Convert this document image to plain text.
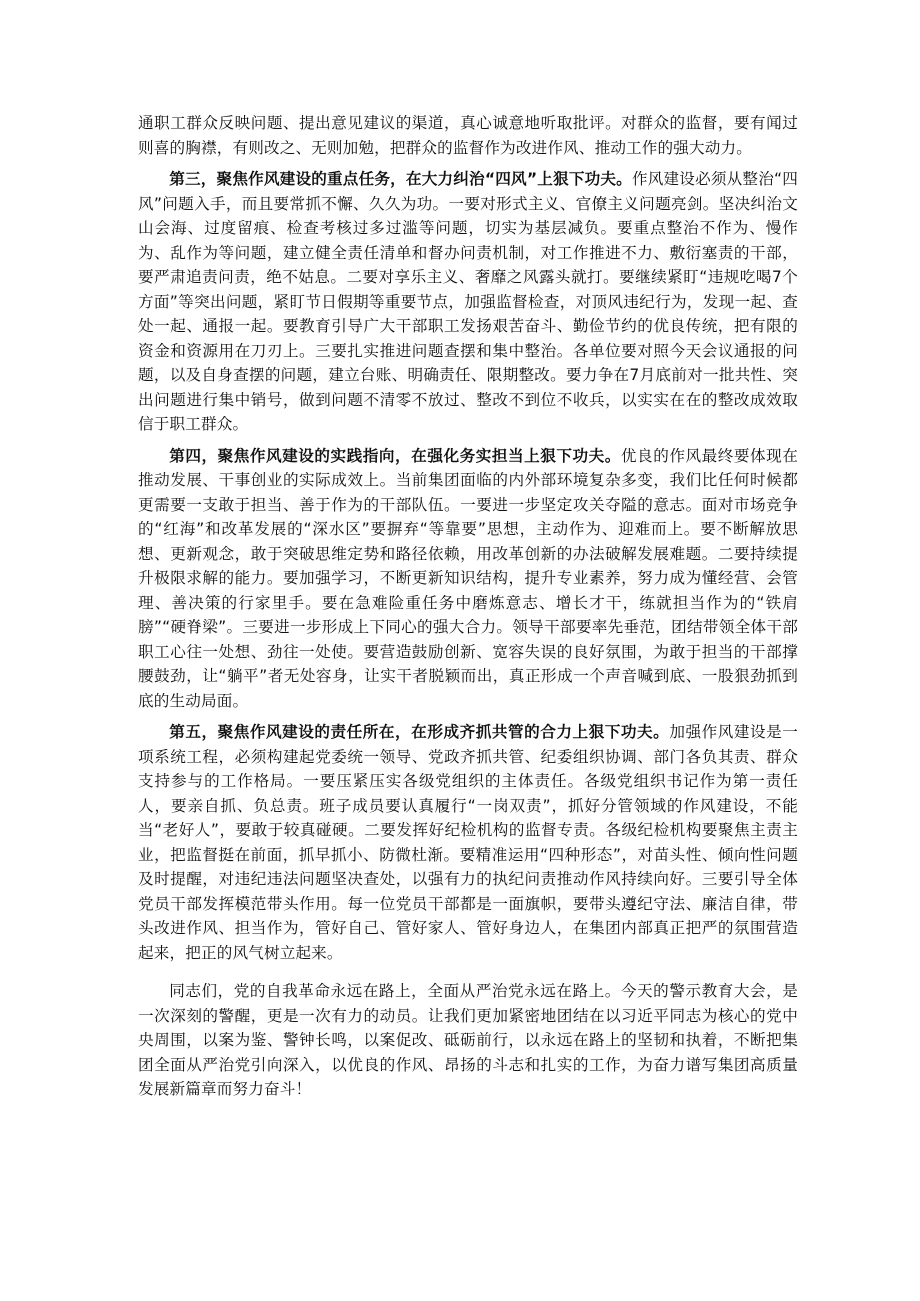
通职工群众反映问题、提出意见建议的渠道，真心诚意地听取批评。对群众的监督，要有闻过则喜的胸襟，有则改之、无则加勉，把群众的监督作为改进作风、推动工作的强大动力。

第三，聚焦作风建设的重点任务，在大力纠治“四风”上狠下功夫。作风建设必须从整治“四风”问题入手，而且要常抓不懈、久久为功。一要对形式主义、官僚主义问题亮剑。坚决纠治文山会海、过度留痕、检查考核过多过滥等问题，切实为基层减负。要重点整治不作为、慢作为、乱作为等问题，建立健全责任清单和督办问责机制，对工作推进不力、敷衍塞责的干部，要严肃追责问责，绝不姑息。二要对享乐主义、奢靡之风露头就打。要继续紧盯“违规吃喝7个方面”等突出问题，紧盯节日假期等重要节点，加强监督检查，对顶风违纪行为，发现一起、查处一起、通报一起。要教育引导广大干部职工发扬艰苦奋斗、勤俭节约的优良传统，把有限的资金和资源用在刀刃上。三要扎实推进问题查摆和集中整治。各单位要对照今天会议通报的问题，以及自身查摆的问题，建立台账、明确责任、限期整改。要力争在7月底前对一批共性、突出问题进行集中销号，做到问题不清零不放过、整改不到位不收兵，以实实在在的整改成效取信于职工群众。

第四，聚焦作风建设的实践指向，在强化务实担当上狠下功夫。优良的作风最终要体现在推动发展、干事创业的实际成效上。当前集团面临的内外部环境复杂多变，我们比任何时候都更需要一支敢于担当、善于作为的干部队伍。一要进一步坚定攻关夺隘的意志。面对市场竞争的“红海”和改革发展的“深水区”要摒弃“等靠要”思想，主动作为、迎难而上。要不断解放思想、更新观念，敢于突破思维定势和路径依赖，用改革创新的办法破解发展难题。二要持续提升极限求解的能力。要加强学习，不断更新知识结构，提升专业素养，努力成为懂经营、会管理、善决策的行家里手。要在急难险重任务中磨炼意志、增长才干，练就担当作为的“铁肩膀”“硬脊梁”。三要进一步形成上下同心的强大合力。领导干部要率先垂范，团结带领全体干部职工心往一处想、劲往一处使。要营造鼓励创新、宽容失误的良好氛围，为敢于担当的干部撑腰鼓劲，让“躺平”者无处容身，让实干者脱颖而出，真正形成一个声音喊到底、一股狠劲抓到底的生动局面。

第五，聚焦作风建设的责任所在，在形成齐抓共管的合力上狠下功夫。加强作风建设是一项系统工程，必须构建起党委统一领导、党政齐抓共管、纪委组织协调、部门各负其责、群众支持参与的工作格局。一要压紧压实各级党组织的主体责任。各级党组织书记作为第一责任人，要亲自抓、负总责。班子成员要认真履行“一岗双责”，抓好分管领域的作风建设，不能当“老好人”，要敢于较真碰硬。二要发挥好纪检机构的监督专责。各级纪检机构要聚焦主责主业，把监督挺在前面，抓早抓小、防微杜渐。要精准运用“四种形态”，对苗头性、倾向性问题及时提醒，对违纪违法问题坚决查处，以强有力的执纪问责推动作风持续向好。三要引导全体党员干部发挥模范带头作用。每一位党员干部都是一面旗帜，要带头遵纪守法、廉洁自律，带头改进作风、担当作为，管好自己、管好家人、管好身边人，在集团内部真正把严的氛围营造起来，把正的风气树立起来。

同志们，党的自我革命永远在路上，全面从严治党永远在路上。今天的警示教育大会，是一次深刻的警醒，更是一次有力的动员。让我们更加紧密地团结在以习近平同志为核心的党中央周围，以案为鉴、警钟长鸣，以案促改、砥砺前行，以永远在路上的坚韧和执着，不断把集团全面从严治党引向深入，以优良的作风、昂扬的斗志和扎实的工作，为奋力谱写集团高质量发展新篇章而努力奋斗！
